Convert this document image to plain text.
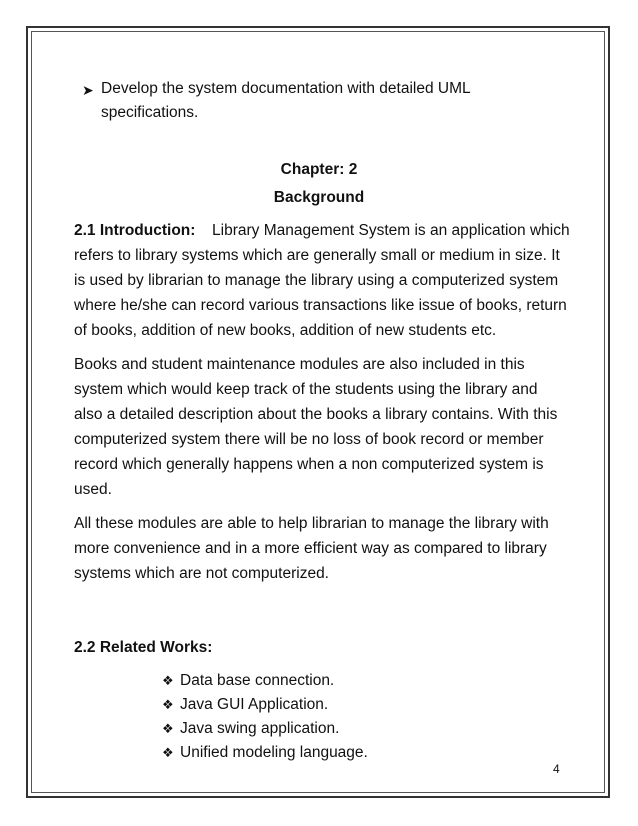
➤ Develop the system documentation with detailed UML
specifications.
Chapter: 2
Background
2.1 Introduction: Library Management System is an application which
refers to library systems which are generally small or medium in size. It
is used by librarian to manage the library using a computerized system
where he/she can record various transactions like issue of books, return
of books, addition of new books, addition of new students etc.
Books and student maintenance modules are also included in this
system which would keep track of the students using the library and
also a detailed description about the books a library contains. With this
computerized system there will be no loss of book record or member
record which generally happens when a non computerized system is
used.
All these modules are able to help librarian to manage the library with
more convenience and in a more efficient way as compared to library
systems which are not computerized.
2.2 Related Works:
❖ Data base connection.
❖ Java GUI Application.
❖ Java swing application.
❖ Unified modeling language.
4
